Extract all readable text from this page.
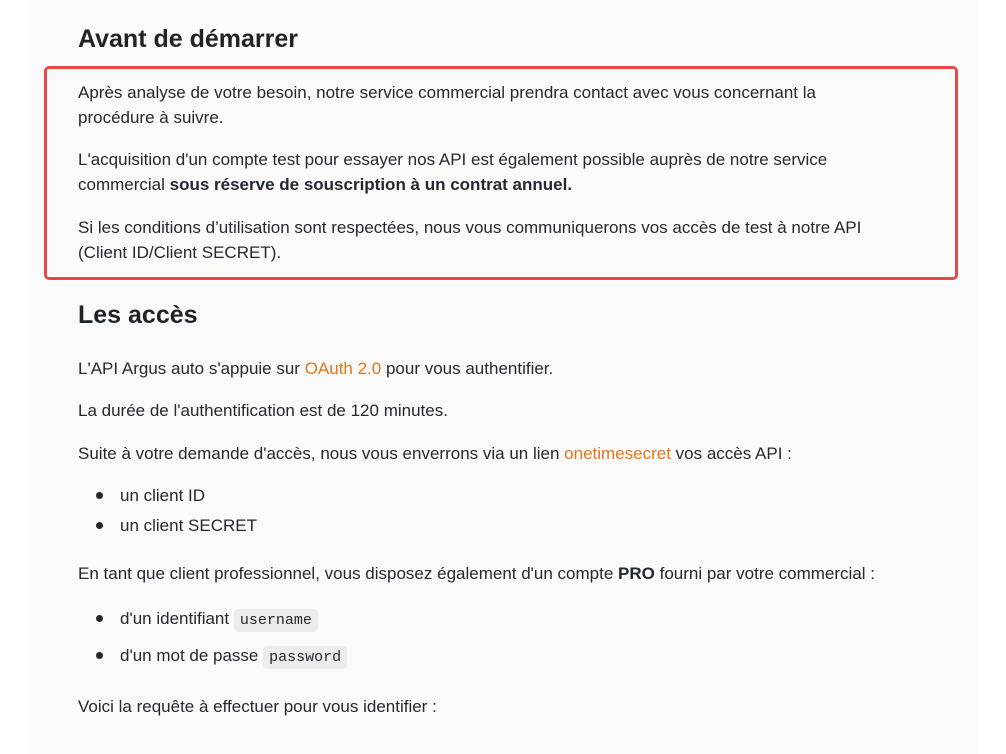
Avant de démarrer

Après analyse de votre besoin, notre service commercial prendra contact avec vous concernant la

procédure à suivre.

L'acquisition d'un compte test pour essayer nos API est également possible auprès de notre service

commercial sous réserve de souscription à un contrat annuel.

Si les conditions d’utilisation sont respectées, nous vous communiquerons vos accès de test à notre API

(Client ID/Client SECRET).

Les accès

L'API Argus auto s'appuie sur OAuth 2.0 pour vous authentifier.

La durée de l'authentification est de 120 minutes.

Suite à votre demande d'accès, nous vous enverrons via un lien onetimesecret vos accès API :

un client ID

un client SECRET

En tant que client professionnel, vous disposez également d'un compte PRO fourni par votre commercial :

d'un identifiant username

d'un mot de passe password

Voici la requête à effectuer pour vous identifier :
